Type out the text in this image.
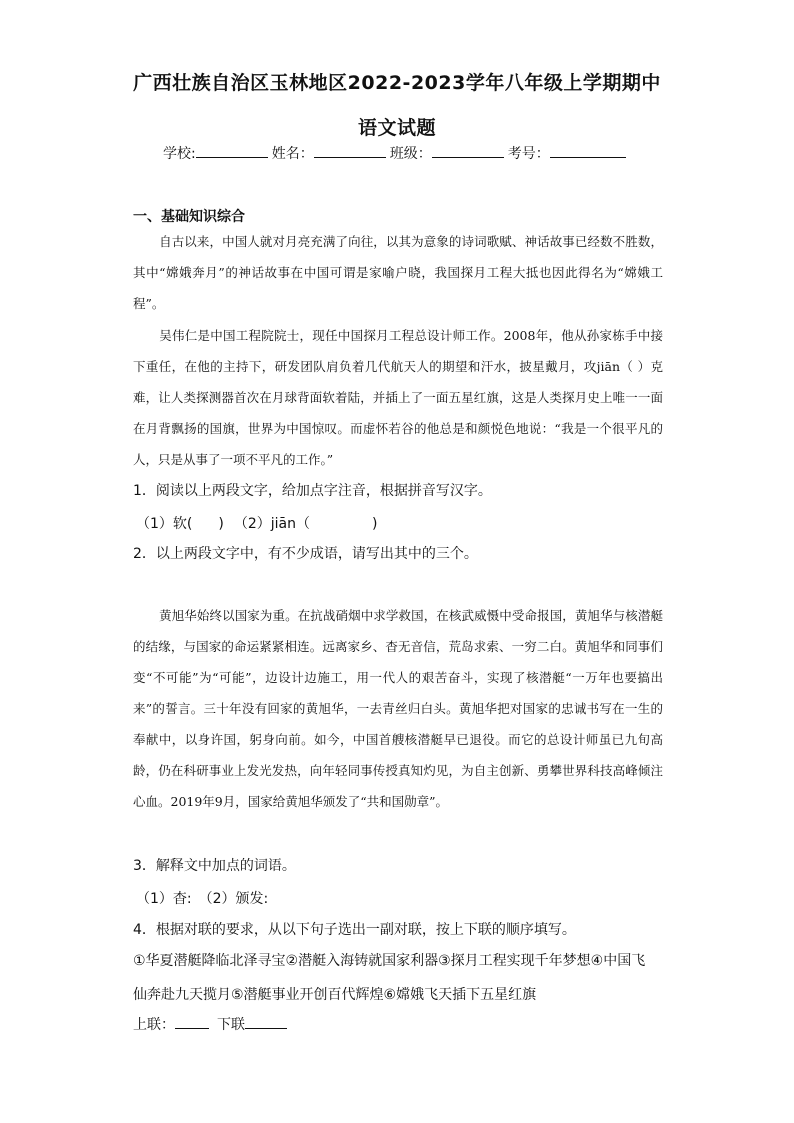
广西壮族自治区玉林地区2022-2023学年八年级上学期期中
语文试题
学校:	姓名：	班级：	考号：
一、基础知识综合

自古以来，中国人就对月亮充满了向往，以其为意象的诗词歌赋、神话故事已经数不胜数，其中“嫦娥奔月”的神话故事在中国可谓是家喻户晓，我国探月工程大抵也因此得名为“嫦娥工程”。

吴伟仁是中国工程院院士，现任中国探月工程总设计师工作。2008年，他从孙家栋手中接下重任，在他的主持下，研发团队肩负着几代航天人的期望和汗水，披星戴月，攻jiān（ ）克难，让人类探测器首次在月球背面软着陆，并插上了一面五星红旗，这是人类探月史上唯一一面在月背飘扬的国旗，世界为中国惊叹。而虚怀若谷的他总是和颜悦色地说：“我是一个很平凡的人，只是从事了一项不平凡的工作。”

1．阅读以上两段文字，给加点字注音，根据拼音写汉字。
（1）软( ) （2）jiān（	)
2．以上两段文字中，有不少成语，请写出其中的三个。

黄旭华始终以国家为重。在抗战硝烟中求学救国，在核武威慑中受命报国，黄旭华与核潜艇的结缘，与国家的命运紧紧相连。远离家乡、杳无音信，荒岛求索、一穷二白。黄旭华和同事们变“不可能”为“可能”，边设计边施工，用一代人的艰苦奋斗，实现了核潜艇“一万年也要搞出来”的誓言。三十年没有回家的黄旭华，一去青丝归白头。黄旭华把对国家的忠诚书写在一生的奉献中，以身许国，躬身向前。如今，中国首艘核潜艇早已退役。而它的总设计师虽已九旬高龄，仍在科研事业上发光发热，向年轻同事传授真知灼见，为自主创新、勇攀世界科技高峰倾注心血。2019年9月，国家给黄旭华颁发了“共和国勋章”。

3．解释文中加点的词语。
（1）杳:　（2）颁发:
4．根据对联的要求，从以下句子选出一副对联，按上下联的顺序填写。
①华夏潜艇降临北泽寻宝②潜艇入海铸就国家利器③探月工程实现千年梦想④中国飞
仙奔赴九天揽月⑤潜艇事业开创百代辉煌⑥嫦娥飞天插下五星红旗
上联：	下联
